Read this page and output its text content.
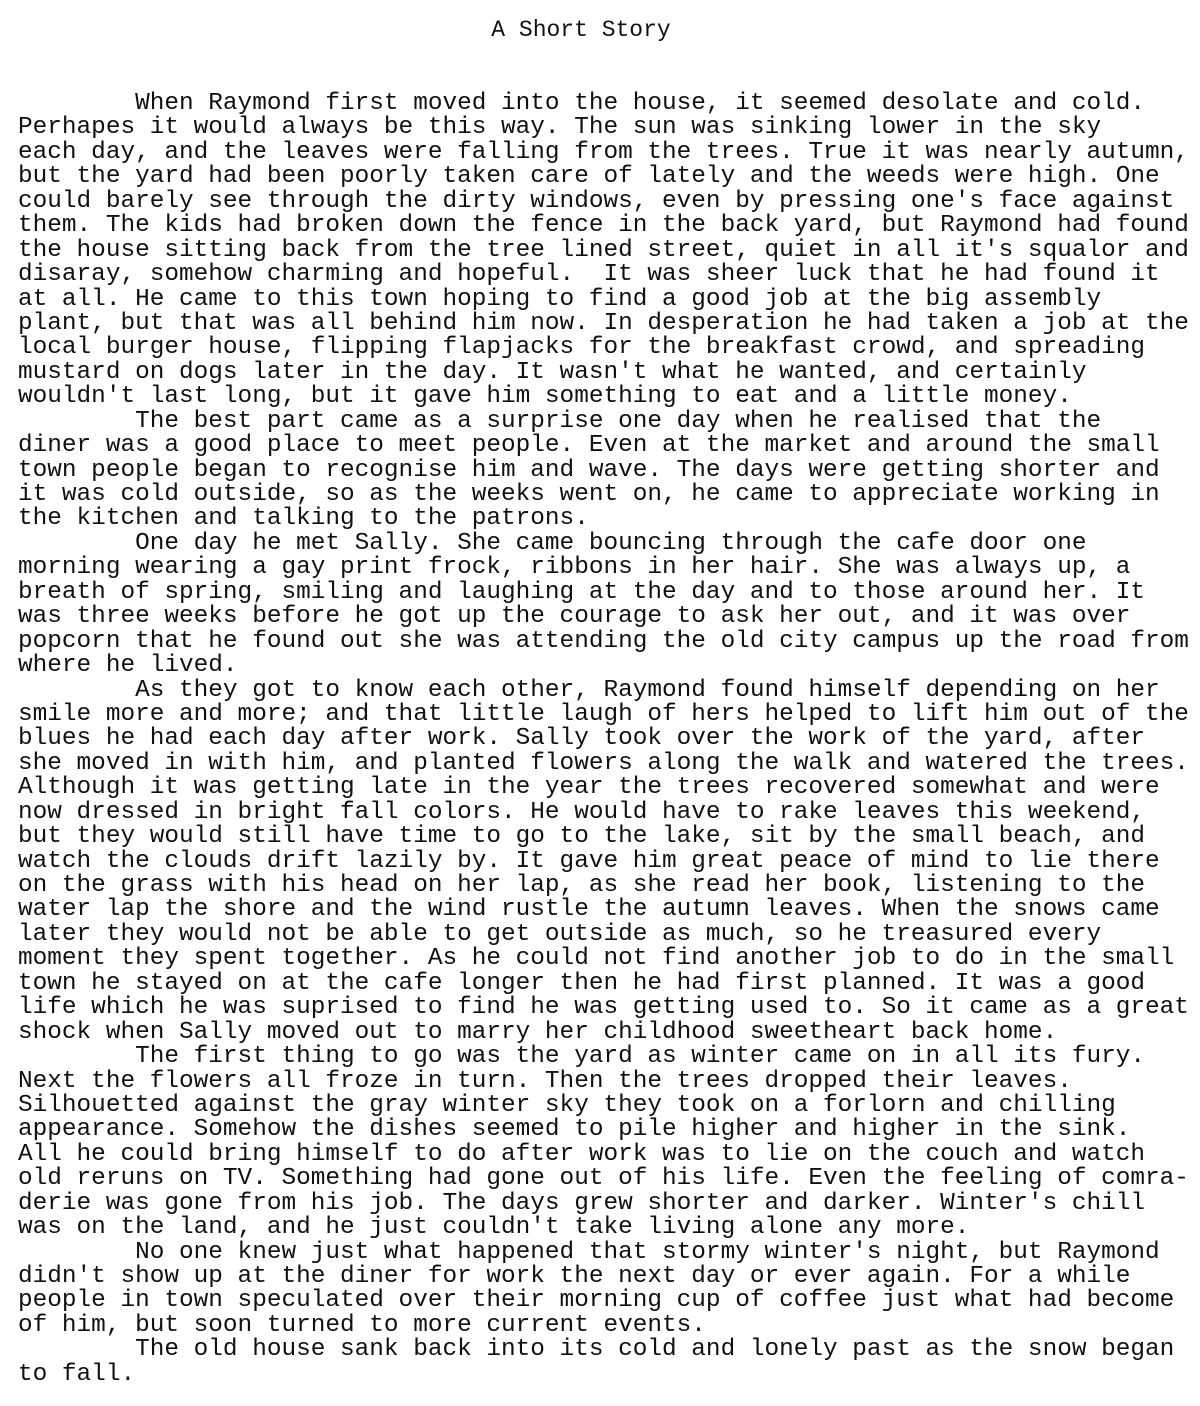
A Short Story
When Raymond first moved into the house, it seemed desolate and cold.
Perhapes it would always be this way. The sun was sinking lower in the sky
each day, and the leaves were falling from the trees. True it was nearly autumn,
but the yard had been poorly taken care of lately and the weeds were high. One
could barely see through the dirty windows, even by pressing one's face against
them. The kids had broken down the fence in the back yard, but Raymond had found
the house sitting back from the tree lined street, quiet in all it's squalor and
disaray, somehow charming and hopeful.  It was sheer luck that he had found it
at all. He came to this town hoping to find a good job at the big assembly
plant, but that was all behind him now. In desperation he had taken a job at the
local burger house, flipping flapjacks for the breakfast crowd, and spreading
mustard on dogs later in the day. It wasn't what he wanted, and certainly
wouldn't last long, but it gave him something to eat and a little money.
The best part came as a surprise one day when he realised that the
diner was a good place to meet people. Even at the market and around the small
town people began to recognise him and wave. The days were getting shorter and
it was cold outside, so as the weeks went on, he came to appreciate working in
the kitchen and talking to the patrons.
One day he met Sally. She came bouncing through the cafe door one
morning wearing a gay print frock, ribbons in her hair. She was always up, a
breath of spring, smiling and laughing at the day and to those around her. It
was three weeks before he got up the courage to ask her out, and it was over
popcorn that he found out she was attending the old city campus up the road from
where he lived.
As they got to know each other, Raymond found himself depending on her
smile more and more; and that little laugh of hers helped to lift him out of the
blues he had each day after work. Sally took over the work of the yard, after
she moved in with him, and planted flowers along the walk and watered the trees.
Although it was getting late in the year the trees recovered somewhat and were
now dressed in bright fall colors. He would have to rake leaves this weekend,
but they would still have time to go to the lake, sit by the small beach, and
watch the clouds drift lazily by. It gave him great peace of mind to lie there
on the grass with his head on her lap, as she read her book, listening to the
water lap the shore and the wind rustle the autumn leaves. When the snows came
later they would not be able to get outside as much, so he treasured every
moment they spent together. As he could not find another job to do in the small
town he stayed on at the cafe longer then he had first planned. It was a good
life which he was suprised to find he was getting used to. So it came as a great
shock when Sally moved out to marry her childhood sweetheart back home.
The first thing to go was the yard as winter came on in all its fury.
Next the flowers all froze in turn. Then the trees dropped their leaves.
Silhouetted against the gray winter sky they took on a forlorn and chilling
appearance. Somehow the dishes seemed to pile higher and higher in the sink.
All he could bring himself to do after work was to lie on the couch and watch
old reruns on TV. Something had gone out of his life. Even the feeling of comra-
derie was gone from his job. The days grew shorter and darker. Winter's chill
was on the land, and he just couldn't take living alone any more.
No one knew just what happened that stormy winter's night, but Raymond
didn't show up at the diner for work the next day or ever again. For a while
people in town speculated over their morning cup of coffee just what had become
of him, but soon turned to more current events.
The old house sank back into its cold and lonely past as the snow began
to fall.
